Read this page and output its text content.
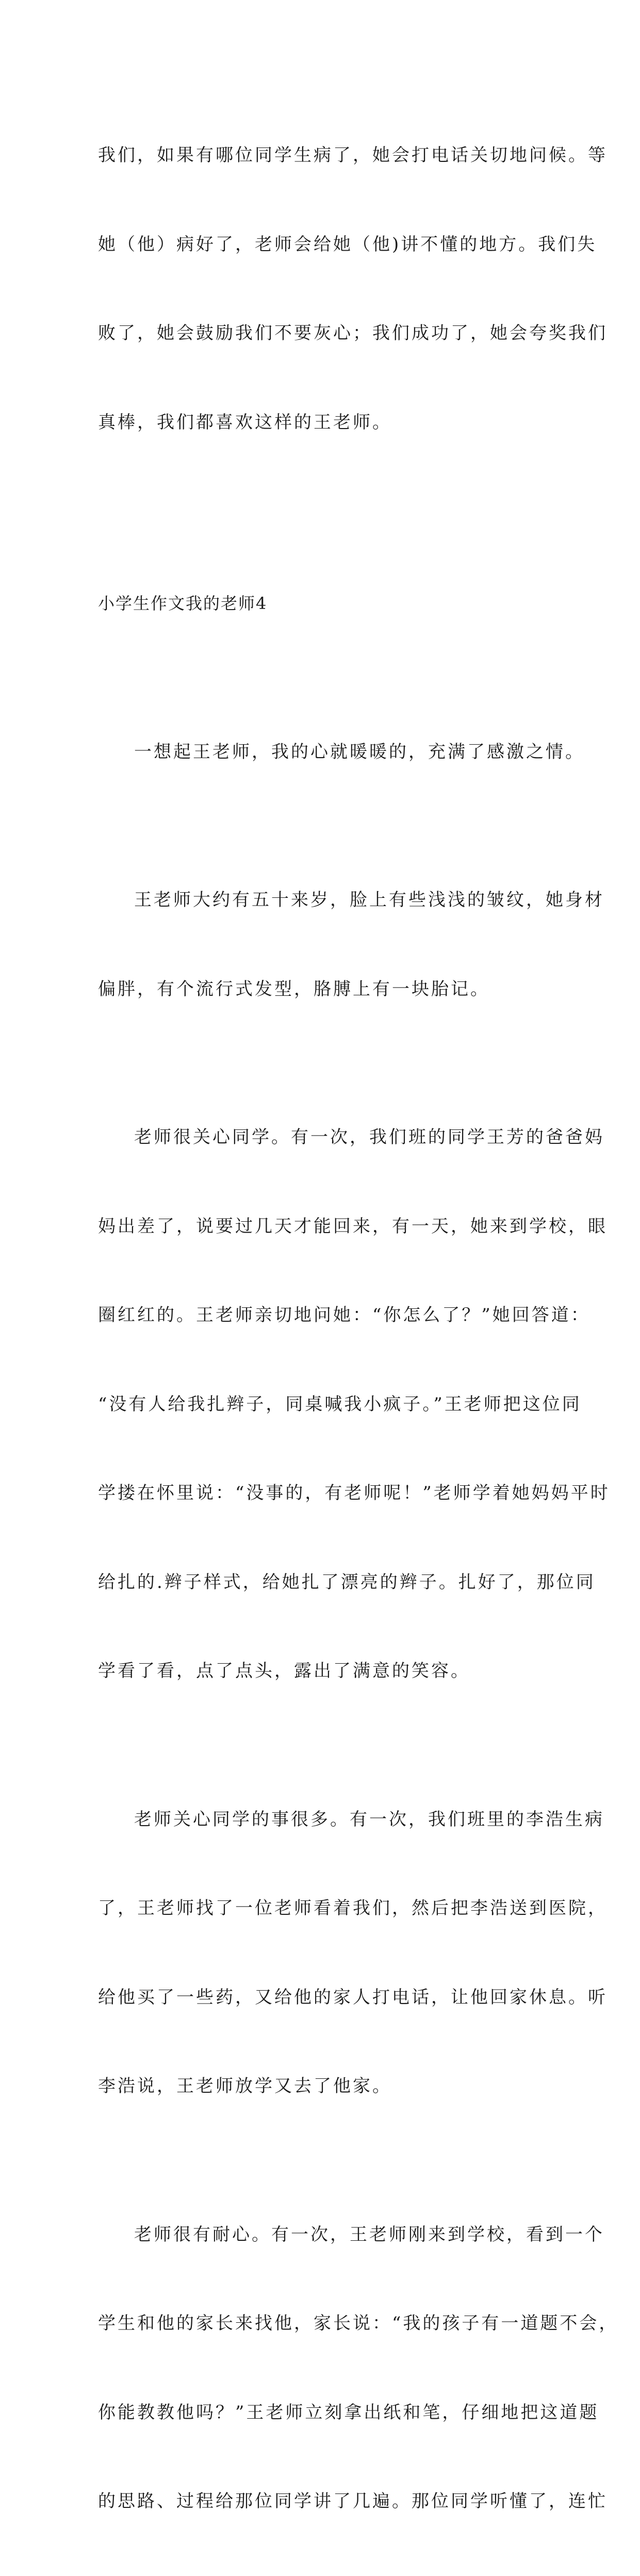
我们，如果有哪位同学生病了，她会打电话关切地问候。等

她（他）病好了，老师会给她（他)讲不懂的地方。我们失

败了，她会鼓励我们不要灰心；我们成功了，她会夸奖我们

真棒，我们都喜欢这样的王老师。

小学生作文我的老师4

一想起王老师，我的心就暖暖的，充满了感激之情。

王老师大约有五十来岁，脸上有些浅浅的皱纹，她身材

偏胖，有个流行式发型，胳膊上有一块胎记。

老师很关心同学。有一次，我们班的同学王芳的爸爸妈

妈出差了，说要过几天才能回来，有一天，她来到学校，眼

圈红红的。王老师亲切地问她：“你怎么了？”她回答道：

“没有人给我扎辫子，同桌喊我小疯子。”王老师把这位同

学搂在怀里说：“没事的，有老师呢！”老师学着她妈妈平时

给扎的.辫子样式，给她扎了漂亮的辫子。扎好了，那位同

学看了看，点了点头，露出了满意的笑容。

老师关心同学的事很多。有一次，我们班里的李浩生病

了，王老师找了一位老师看着我们，然后把李浩送到医院，

给他买了一些药，又给他的家人打电话，让他回家休息。听

李浩说，王老师放学又去了他家。

老师很有耐心。有一次，王老师刚来到学校，看到一个

学生和他的家长来找他，家长说：“我的孩子有一道题不会，

你能教教他吗？”王老师立刻拿出纸和笔，仔细地把这道题

的思路、过程给那位同学讲了几遍。那位同学听懂了，连忙
